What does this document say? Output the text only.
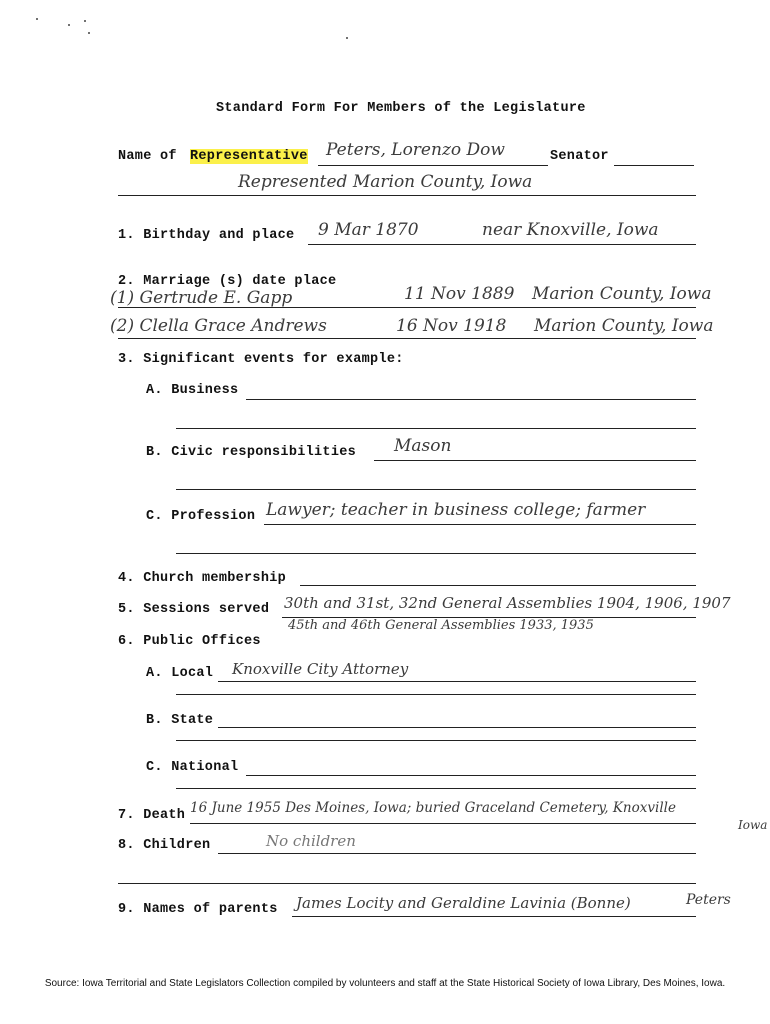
Standard Form For Members of the Legislature
Name of Representative Peters, Lorenzo Dow	Senator
Represented Marion County, Iowa
1. Birthday and place 9 Mar 1870	near Knoxville, Iowa
2. Marriage (s) date place
(1) Gertrude E. Gapp	11 Nov 1889 Marion County, Iowa
(2) Clella Grace Andrews	16 Nov 1918 Marion County, Iowa
3. Significant events for example:
A. Business
B. Civic responsibilities Mason
C. Profession Lawyer; teacher in business college; farmer
4. Church membership
5. Sessions served 30th and 31st, 32nd General Assemblies 1904, 1906, 1907
45th and 46th General Assemblies 1933, 1935
6. Public Offices
A. Local Knoxville City Attorney
B. State
C. National
7. Death 16 June 1955 Des Moines, Iowa; buried Graceland Cemetery, Knoxville
Iowa
8. Children	No children
9. Names of parents James Locity and Geraldine Lavinia (Bonne)	Peters
Source: Iowa Territorial and State Legislators Collection compiled by volunteers and staff at the State Historical Society of Iowa Library, Des Moines, Iowa.
